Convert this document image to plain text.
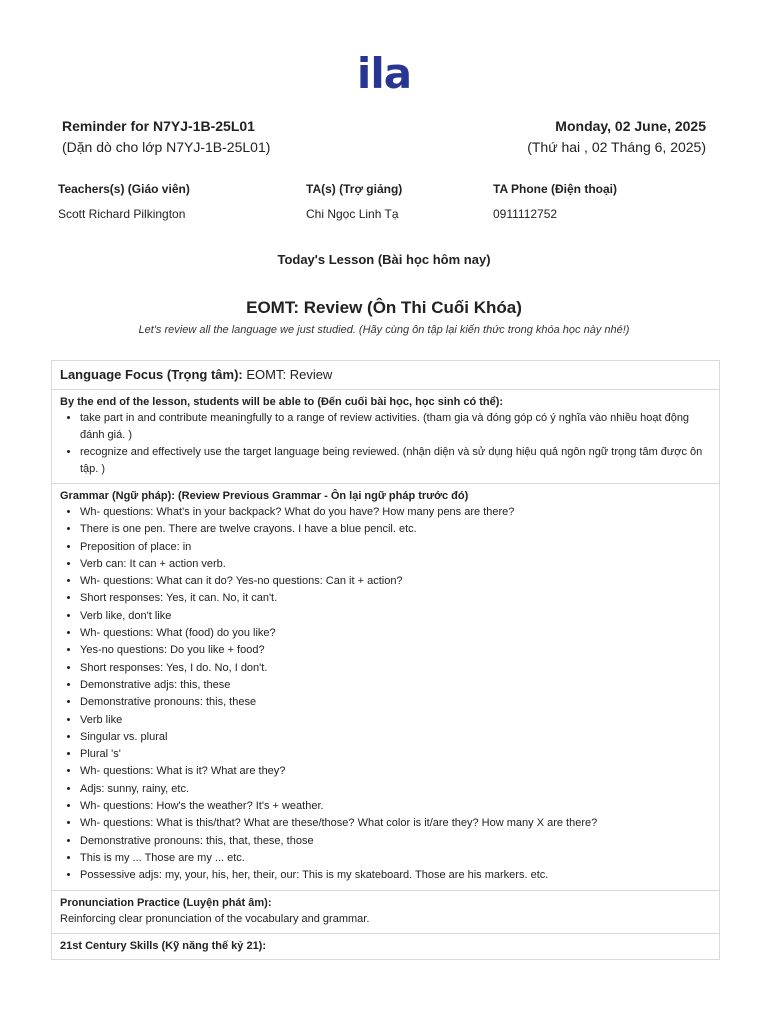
ila
Reminder for N7YJ-1B-25L01	Monday, 02 June, 2025
(Dặn dò cho lớp N7YJ-1B-25L01)	(Thứ hai , 02 Tháng 6, 2025)
Teachers(s) (Giáo viên)	TA(s) (Trợ giảng)	TA Phone (Điện thoại)
Scott Richard Pilkington	Chi Ngọc Linh Tạ	0911112752
Today's Lesson (Bài học hôm nay)
EOMT: Review (Ôn Thi Cuối Khóa)
Let's review all the language we just studied. (Hãy cùng ôn tập lại kiến thức trong khóa học này nhé!)
Language Focus (Trọng tâm): EOMT: Review
By the end of the lesson, students will be able to (Đến cuối bài học, học sinh có thể):
• take part in and contribute meaningfully to a range of review activities. (tham gia và đóng góp có ý nghĩa vào nhiều hoạt động đánh giá. )
• recognize and effectively use the target language being reviewed. (nhận diện và sử dụng hiệu quả ngôn ngữ trọng tâm được ôn tập. )
Grammar (Ngữ pháp): (Review Previous Grammar - Ôn lại ngữ pháp trước đó)
• Wh- questions: What's in your backpack? What do you have? How many pens are there?
• There is one pen. There are twelve crayons. I have a blue pencil. etc.
• Preposition of place: in
• Verb can: It can + action verb.
• Wh- questions: What can it do? Yes-no questions: Can it + action?
• Short responses: Yes, it can. No, it can't.
• Verb like, don't like
• Wh- questions: What (food) do you like?
• Yes-no questions: Do you like + food?
• Short responses: Yes, I do. No, I don't.
• Demonstrative adjs: this, these
• Demonstrative pronouns: this, these
• Verb like
• Singular vs. plural
• Plural 's'
• Wh- questions: What is it? What are they?
• Adjs: sunny, rainy, etc.
• Wh- questions: How's the weather? It's + weather.
• Wh- questions: What is this/that? What are these/those? What color is it/are they? How many X are there?
• Demonstrative pronouns: this, that, these, those
• This is my ... Those are my ... etc.
• Possessive adjs: my, your, his, her, their, our: This is my skateboard. Those are his markers. etc.
Pronunciation Practice (Luyện phát âm):
Reinforcing clear pronunciation of the vocabulary and grammar.
21st Century Skills (Kỹ năng thế kỷ 21):
